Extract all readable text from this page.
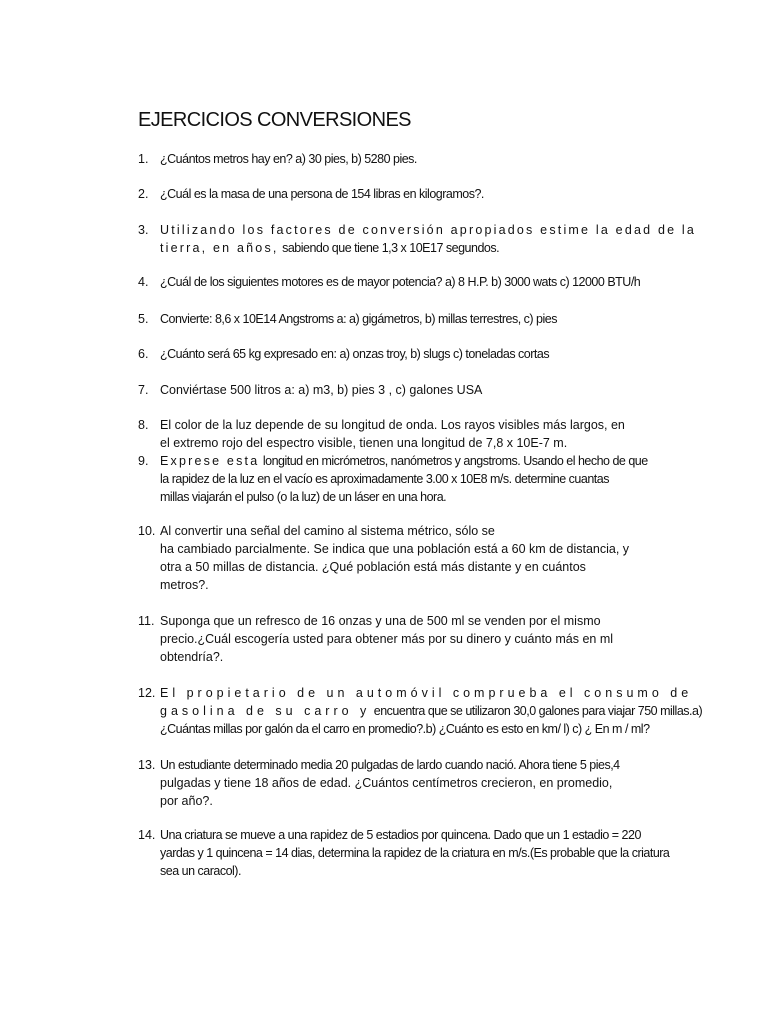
EJERCICIOS CONVERSIONES
1. ¿Cuántos metros hay en? a) 30 pies, b) 5280 pies.
2. ¿Cuál es la masa de una persona de 154 libras en kilogramos?.
3. Utilizando los factores de conversión apropiados estime la edad de la
tierra, en años, sabiendo que tiene 1,3 x 10E17 segundos.
4. ¿Cuál de los siguientes motores es de mayor potencia? a) 8 H.P. b) 3000 wats c) 12000 BTU/h
5. Convierte: 8,6 x 10E14 Angstroms a: a) gigámetros, b) millas terrestres, c) pies
6. ¿Cuánto será 65 kg expresado en: a) onzas troy, b) slugs c) toneladas cortas
7. Conviértase 500 litros a: a) m3, b) pies 3 , c) galones USA
8. El color de la luz depende de su longitud de onda. Los rayos visibles más largos, en
el extremo rojo del espectro visible, tienen una longitud de 7,8 x 10E-7 m.
9. Exprese esta longitud en micrómetros, nanómetros y angstroms. Usando el hecho de que
la rapidez de la luz en el vacío es aproximadamente 3.00 x 10E8 m/s. determine cuantas
millas viajarán el pulso (o la luz) de un láser en una hora.
10. Al convertir una señal del camino al sistema métrico, sólo se
ha cambiado parcialmente. Se indica que una población está a 60 km de distancia, y
otra a 50 millas de distancia. ¿Qué población está más distante y en cuántos
metros?.
11. Suponga que un refresco de 16 onzas y una de 500 ml se venden por el mismo
precio.¿Cuál escogería usted para obtener más por su dinero y cuánto más en ml
obtendría?.
12. El propietario de un automóvil comprueba el consumo de
gasolina de su carro y encuentra que se utilizaron 30,0 galones para viajar 750 millas.a)
¿Cuántas millas por galón da el carro en promedio?.b) ¿Cuánto es esto en km/ l) c) ¿ En m / ml?
13. Un estudiante determinado media 20 pulgadas de lardo cuando nació. Ahora tiene 5 pies,4
pulgadas y tiene 18 años de edad. ¿Cuántos centímetros crecieron, en promedio,
por año?.
14. Una criatura se mueve a una rapidez de 5 estadios por quincena. Dado que un 1 estadio = 220
yardas y 1 quincena = 14 dias, determina la rapidez de la criatura en m/s.(Es probable que la criatura
sea un caracol).
